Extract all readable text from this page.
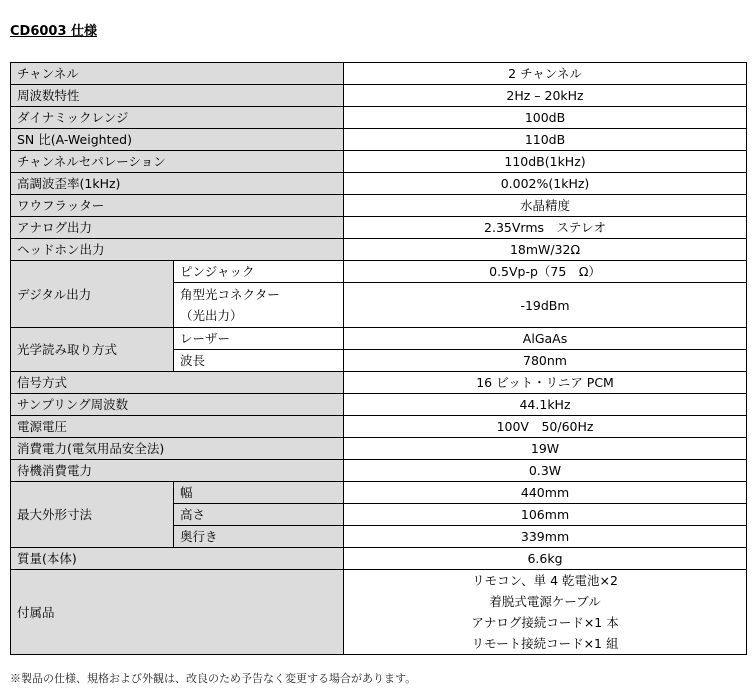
CD6003 仕様
チャンネル		2 チャンネル
周波数特性		2Hz – 20kHz
ダイナミックレンジ		100dB
SN 比(A-Weighted)		110dB
チャンネルセパレーション		110dB(1kHz)
高調波歪率(1kHz)		0.002%(1kHz)
ワウフラッター		水晶精度
アナログ出力		2.35Vrms　ステレオ
ヘッドホン出力		18mW/32Ω
デジタル出力	ピンジャック	0.5Vp-p（75　Ω）

	角型光コネクター
（光出力）	-19dBm
光学読み取り方式	レーザー	AlGaAs
	波長	780nm
信号方式		16 ビット・リニア PCM
サンプリング周波数		44.1kHz
電源電圧		100V　50/60Hz
消費電力(電気用品安全法)		19W
待機消費電力		0.3W
最大外形寸法	幅	440mm
	高さ	106mm
	奥行き	339mm
質量(本体)		6.6kg
付属品		リモコン、単 4 乾電池×2
着脱式電源ケーブル
アナログ接続コード×1 本
リモート接続コード×1 組
※製品の仕様、規格および外観は、改良のため予告なく変更する場合があります。
